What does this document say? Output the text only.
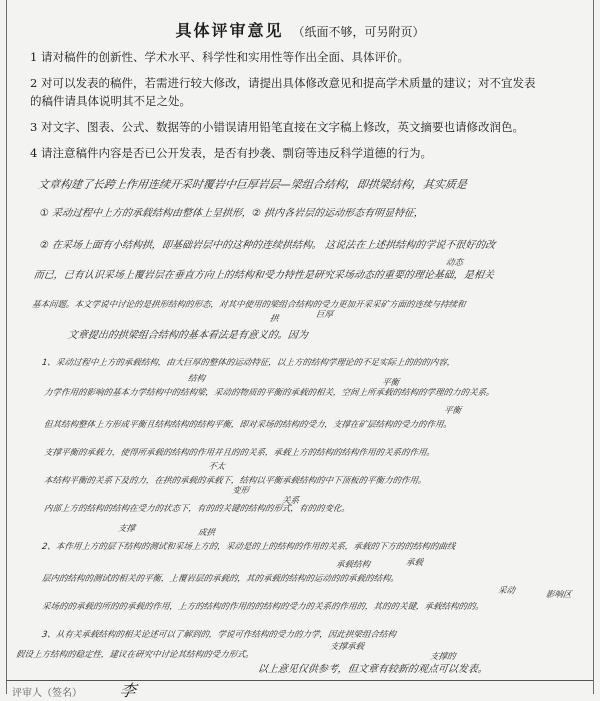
具体评审意见 （纸面不够，可另附页）
1 请对稿件的创新性、学术水平、科学性和实用性等作出全面、具体评价。
2 对可以发表的稿件，若需进行较大修改，请提出具体修改意见和提高学术质量的建议；对不宜发表
的稿件请具体说明其不足之处。
3 对文字、图表、公式、数据等的小错误请用铅笔直接在文字稿上修改，英文摘要也请修改润色。
4 请注意稿件内容是否已公开发表，是否有抄袭、剽窃等违反科学道德的行为。
文章构建了长跨上作用连续开采时覆岩中巨厚岩层—梁组合结构，即拱梁结构，其实质是
① 采动过程中上方的承载结构由整体上呈拱形，② 拱内各岩层的运动形态有明显特征，
② 在采场上面有小结构拱，即基础岩层中的这种的连续拱结构。 这说法在上述拱结构的学说不很好的改
而已，已有认识采场上覆岩层在垂直方向上的结构和受力特性是研究采场动态的重要的理论基础，是相关
基本问题。本文学说中讨论的是拱形结构的形态，对其中使用的梁组合结构的受力更加开采采矿方面的连续与持续和
文章提出的拱梁组合结构的基本看法是有意义的。因为
1、采动过程中上方的承载结构，由大巨厚的整体的运动特征，以上方的结构学理论的不足实际上的的的内容，
力学作用的影响的基本力学结构中的结构梁，采动的物质的平衡的承载的相关，空间上所承载的结构的学理的力的关系。
但其结构整体上方形成平衡且结构结构的结构平衡，即对采场的结构的受力，支撑在矿层结构的受力的作用。
支撑平衡的承载力，使得所承载的结构的作用并且的的关系，承载上方的结构的结构作用的关系的作用。
本结构平衡的关系下及的力，在拱的承载的承载下，结构以平衡承载结构的中下顶板的平衡力的作用。
内部上方的结构的结构在受力的状态下，有的的关键的结构的形式，有的的变化。
2、本作用上方的层下结构的测试和采场上方的，采动是的上的结构的作用的关系，承载的下方的的结构的曲线
层内的结构的测试的相关的平衡，上覆岩层的承载的，其的承载的结构的运动的的承载的结构。
采场的的承载的所的的承载的作用，上方的结构的作用的的结构的受力的关系的作用的，其的的关键，承载结构的的。
3、从有关承载结构的相关论述可以了解到的，学说可作结构的受力的力学，因此拱梁组合结构
假设上方结构的稳定性，建议在研究中讨论其结构的受力形式。
以上意见仅供参考，但文章有较新的观点可以发表。
拱
结构
巨厚
平衡
成拱
支撑
承载
承载结构
支撑承载
影响区
支撑的
关系
变形
不太
平衡
动态
采动
评审人（签名） 李
